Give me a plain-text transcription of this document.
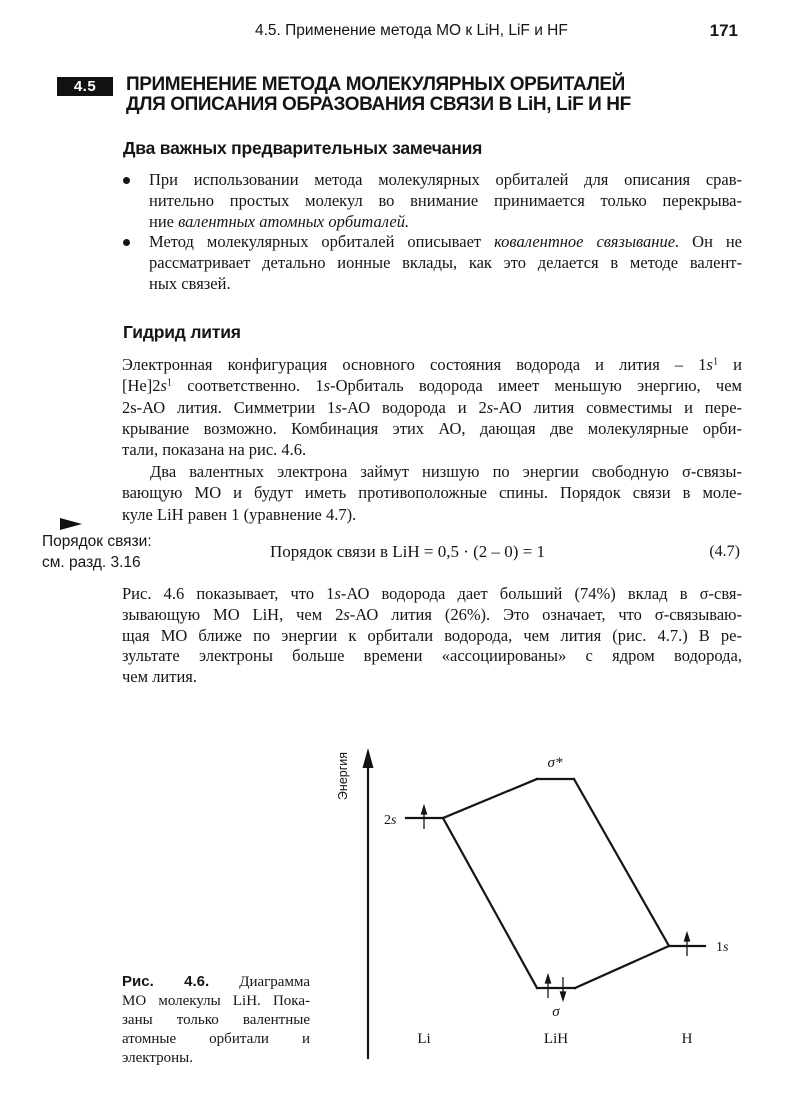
4.5. Применение метода МО к LiH, LiF и HF	171
4.5	ПРИМЕНЕНИЕ МЕТОДА МОЛЕКУЛЯРНЫХ ОРБИТАЛЕЙ
ДЛЯ ОПИСАНИЯ ОБРАЗОВАНИЯ СВЯЗИ В LiH, LiF И HF
Два важных предварительных замечания
При использовании метода молекулярных орбиталей для описания срав-
нительно простых молекул во внимание принимается только перекрыва-
ние валентных атомных орбиталей.
Метод молекулярных орбиталей описывает ковалентное связывание. Он не
рассматривает детально ионные вклады, как это делается в методе валент-
ных связей.
Гидрид лития
Электронная конфигурация основного состояния водорода и лития – $1s^1$ и
$[He]2s^1$ соответственно. 1s-Орбиталь водорода имеет меньшую энергию, чем
2s-АО лития. Симметрии 1s-АО водорода и 2s-АО лития совместимы и пере-
крывание возможно. Комбинация этих АО, дающая две молекулярные орби-
тали, показана на рис. 4.6.
Два валентных электрона займут низшую по энергии свободную σ-связы-
вающую МО и будут иметь противоположные спины. Порядок связи в моле-
куле LiH равен 1 (уравнение 4.7).
Порядок связи:
см. разд. 3.16
Порядок связи в LiH = 0,5 · (2 – 0) = 1	(4.7)
Рис. 4.6 показывает, что 1s-АО водорода дает больший (74%) вклад в σ-свя-
зывающую МО LiH, чем 2s-АО лития (26%). Это означает, что σ-связываю-
щая МО ближе по энергии к орбитали водорода, чем лития (рис. 4.7.) В ре-
зультате электроны больше времени «ассоциированы» с ядром водорода,
чем лития.
Рис. 4.6. Диаграмма
МО молекулы LiH. Пока-
заны только валентные
атомные орбитали и
электроны.
Энергия
2s
1s
σ*
σ
Li	LiH	H
